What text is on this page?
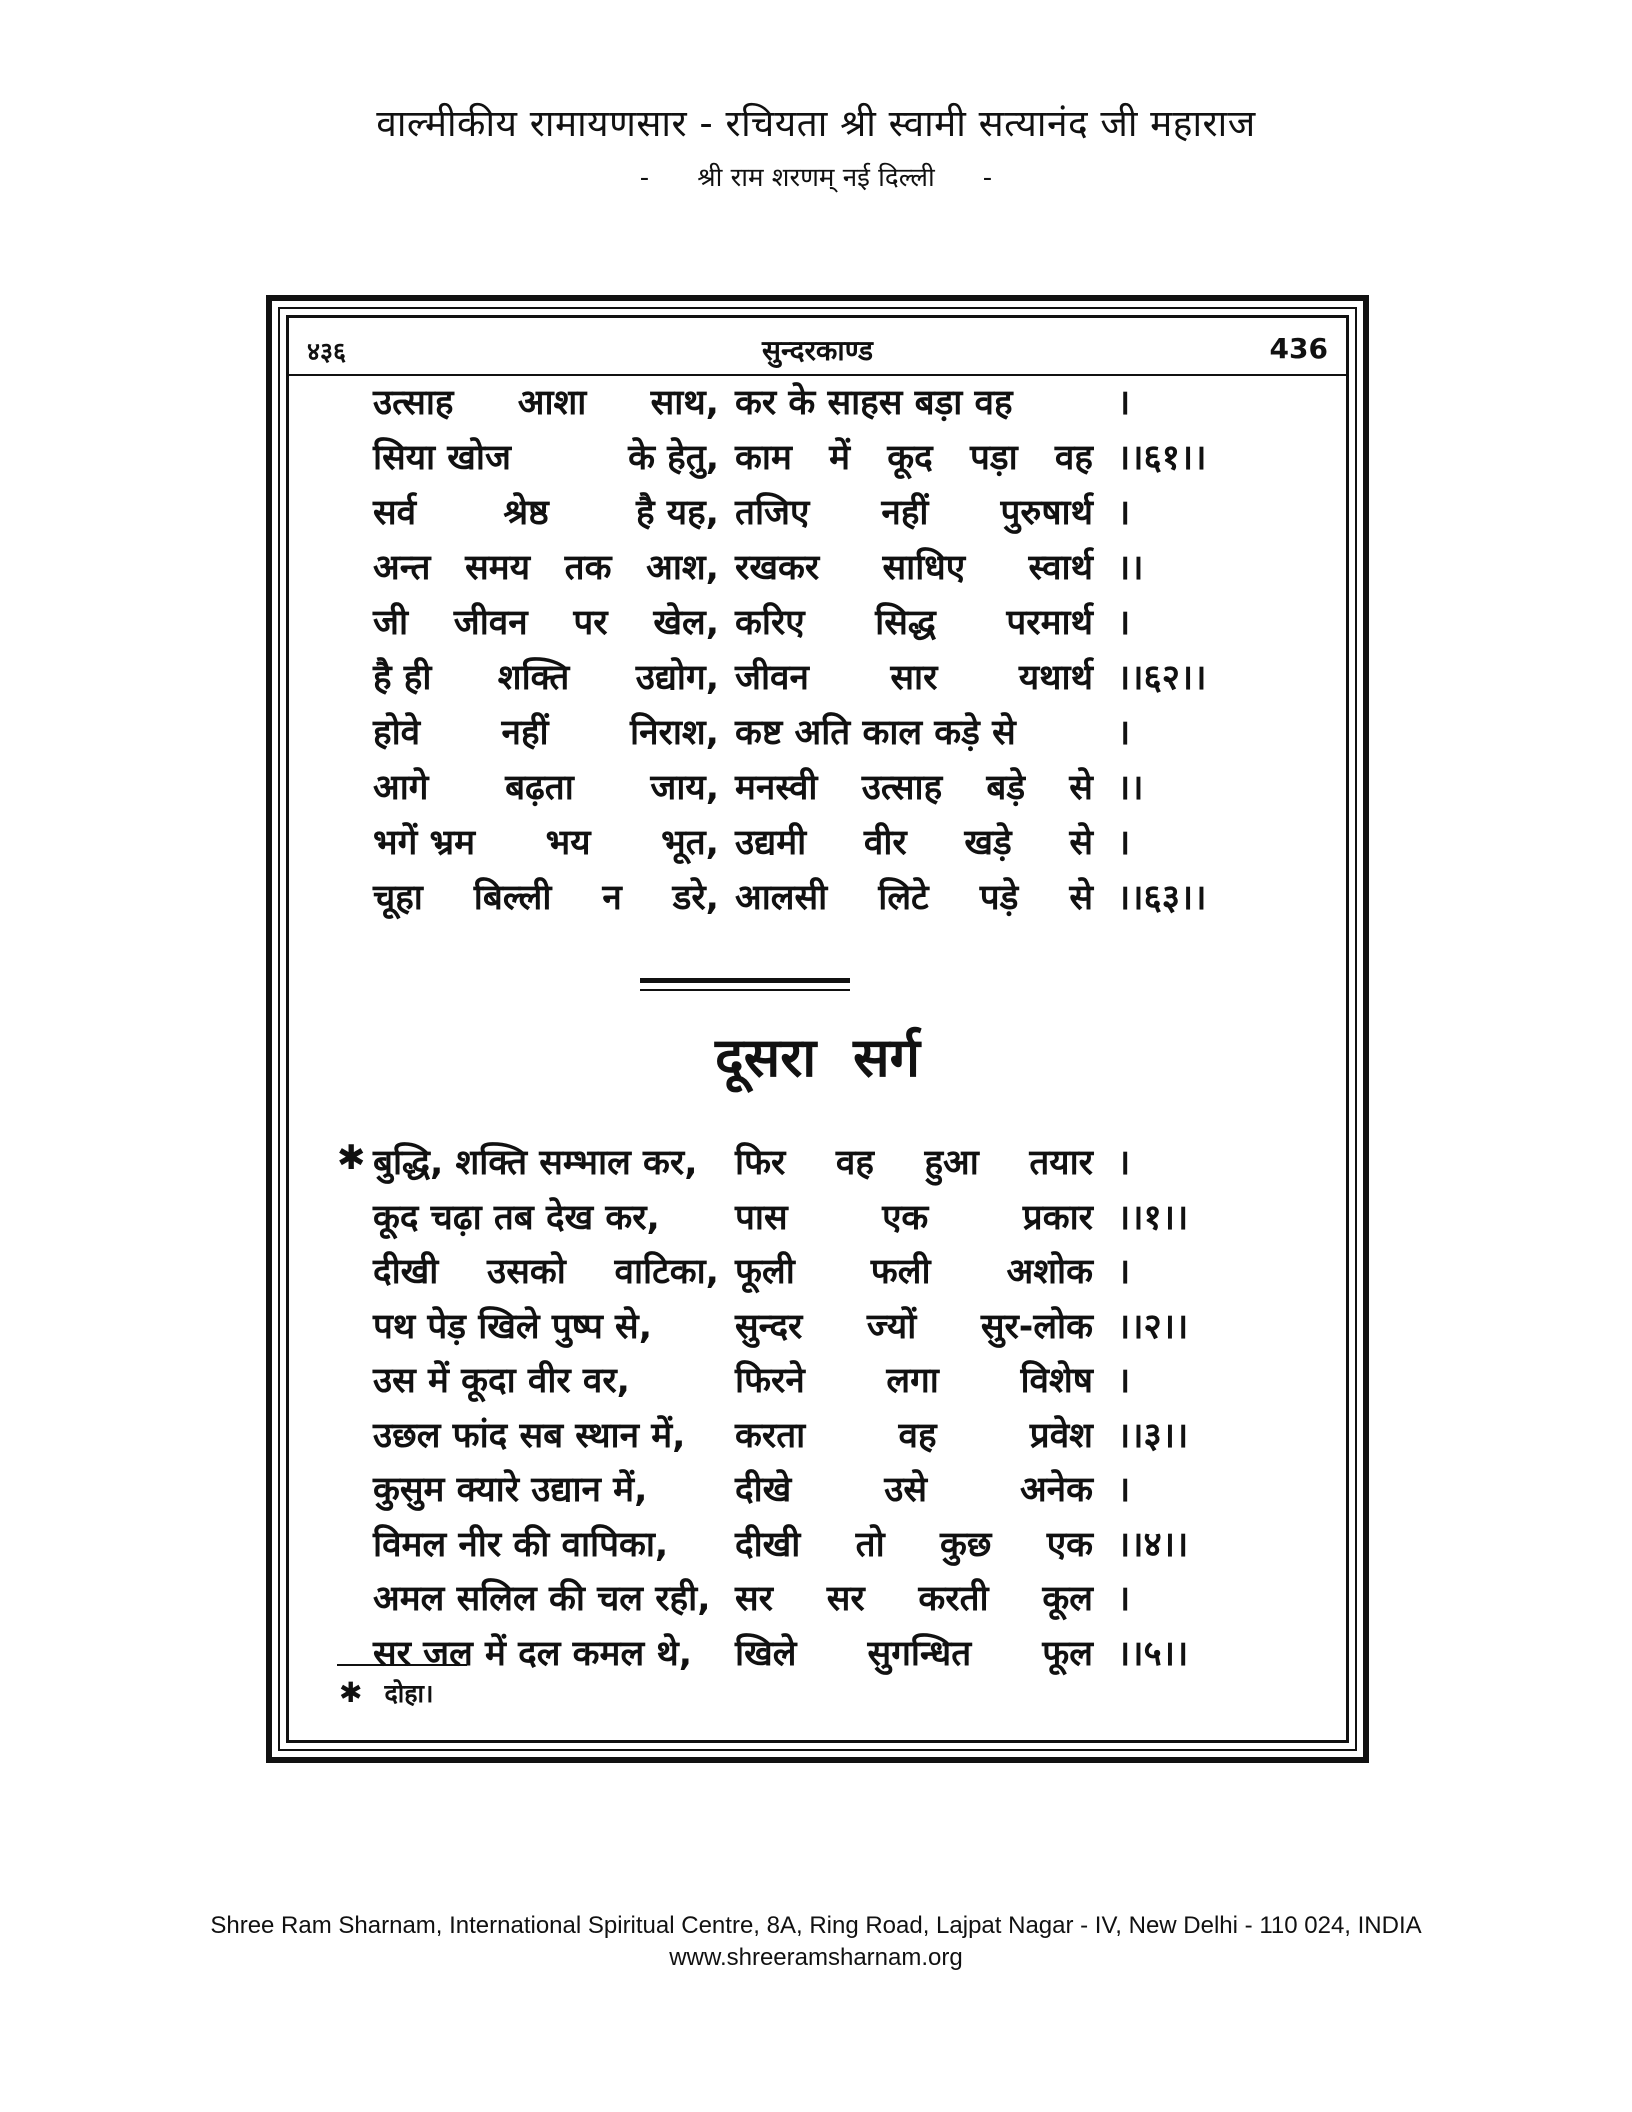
वाल्मीकीय रामायणसार - रचियता श्री स्वामी सत्यानंद जी महाराज
- श्री राम शरणम् नई दिल्ली -
४३६	सुन्दरकाण्ड	436
उत्साह आशा साथ, कर के साहस बड़ा वह	।
सिया खोज	के हेतु, काम में कूद पड़ा वह ।।६१।।
सर्व श्रेष्ठ है यह, तजिए नहीं पुरुषार्थ ।
अन्त समय तक आश, रखकर साधिए स्वार्थ ।।
जी जीवन पर खेल, करिए सिद्ध परमार्थ ।
है ही शक्ति उद्योग, जीवन सार यथार्थ ।।६२।।
होवे नहीं निराश, कष्ट अति काल कड़े से	।
आगे बढ़ता जाय, मनस्वी उत्साह बड़े से ।।
भगें भ्रम भय भूत, उद्यमी वीर खड़े से ।
चूहा बिल्ली न डरे, आलसी लिटे पड़े से ।।६३।।
दूसरा सर्ग
✱ बुद्धि, शक्ति सम्भाल कर, फिर वह हुआ तयार ।
कूद चढ़ा तब देख कर, पास	एक	प्रकार ।।१।।
दीखी उसको वाटिका, फूली फली अशोक ।
पथ पेड़ खिले पुष्प से, सुन्दर ज्यों सुर-लोक ।।२।।
उस में कूदा वीर वर,	फिरने लगा विशेष ।
उछल फांद सब स्थान में, करता	वह	प्रवेश ।।३।।
कुसुम क्यारे उद्यान में,	दीखे	उसे	अनेक ।
विमल नीर की वापिका, दीखी तो कुछ एक ।।४।।
अमल सलिल की चल रही, सर सर करती कूल ।
सर जल में दल कमल थे, खिले सुगन्धित फूल ।।५।।
✱ दोहा।
Shree Ram Sharnam, International Spiritual Centre, 8A, Ring Road, Lajpat Nagar - IV, New Delhi - 110 024, INDIA
www.shreeramsharnam.org
